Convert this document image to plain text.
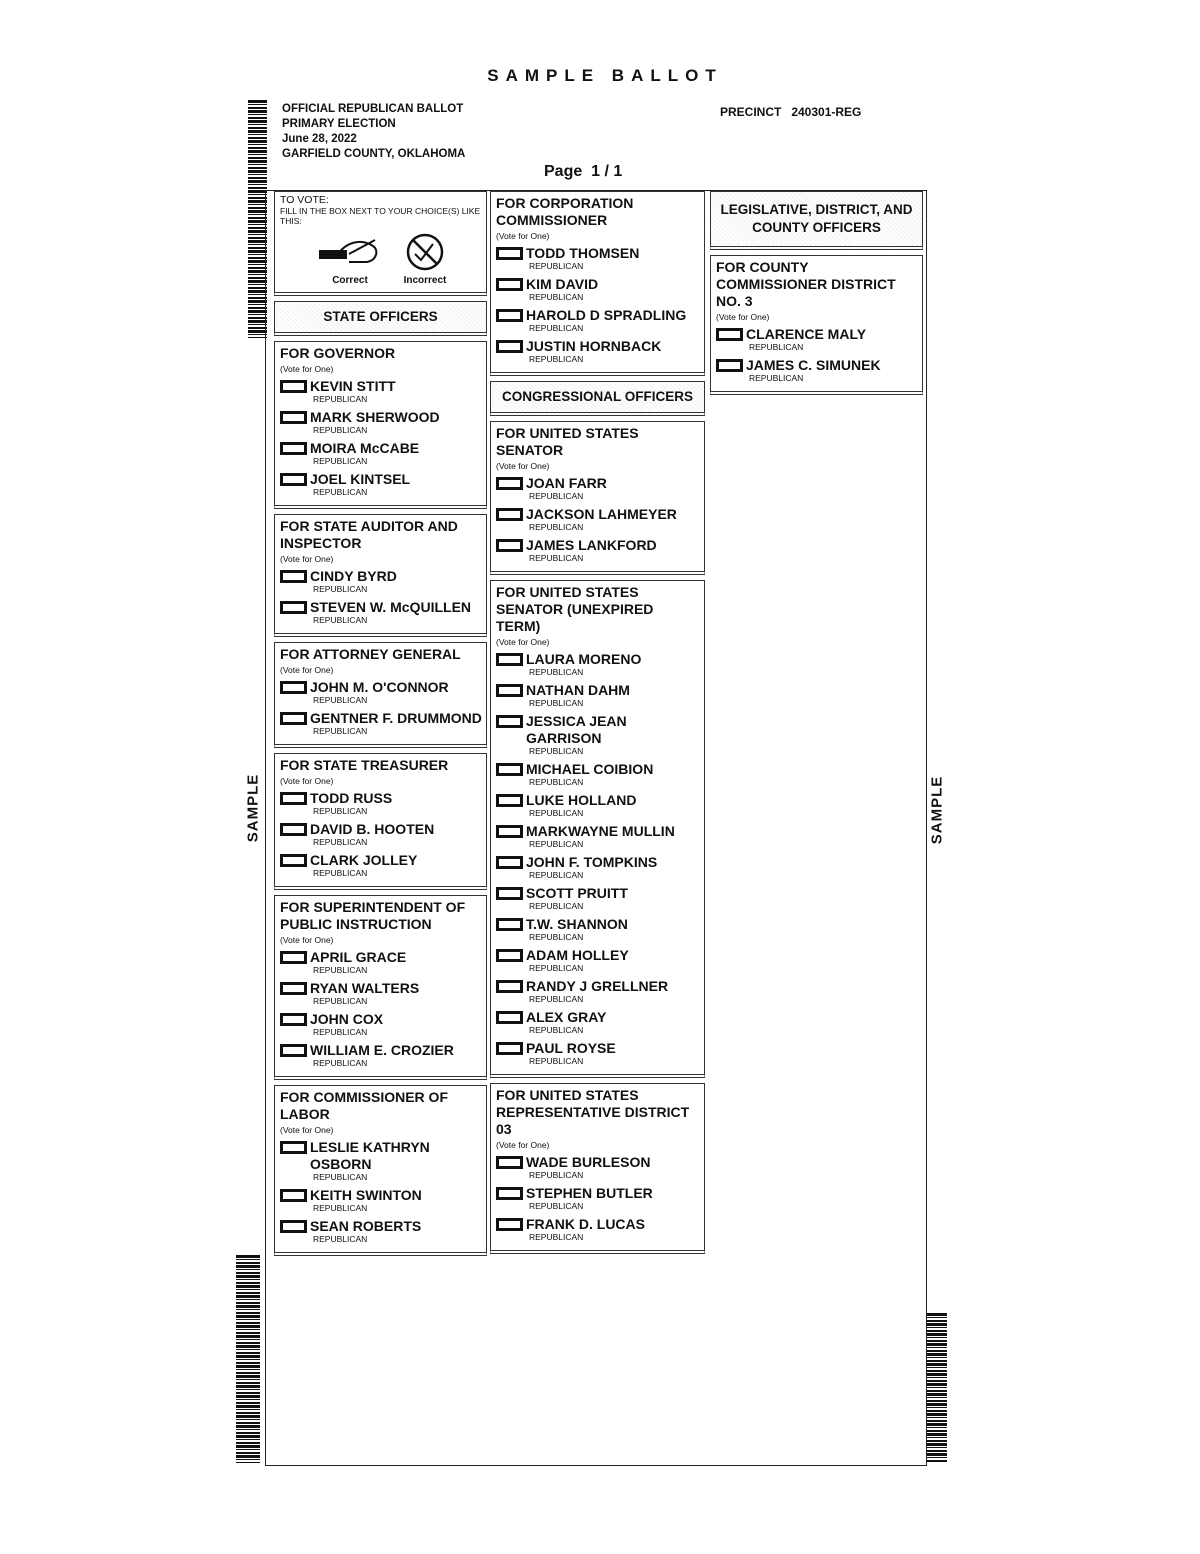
SAMPLE BALLOT
OFFICIAL REPUBLICAN BALLOT
PRIMARY ELECTION
June 28, 2022
GARFIELD COUNTY, OKLAHOMA
PRECINCT   240301-REG
Page  1 / 1
SAMPLE	SAMPLE
TO VOTE:
FILL IN THE BOX NEXT TO YOUR CHOICE(S) LIKE THIS:
Correct	Incorrect
STATE OFFICERS
FOR GOVERNOR
(Vote for One)
KEVIN STITT
REPUBLICAN
MARK SHERWOOD
REPUBLICAN
MOIRA McCABE
REPUBLICAN
JOEL KINTSEL
REPUBLICAN
FOR STATE AUDITOR AND INSPECTOR
(Vote for One)
CINDY BYRD
REPUBLICAN
STEVEN W. McQUILLEN
REPUBLICAN
FOR ATTORNEY GENERAL
(Vote for One)
JOHN M. O'CONNOR
REPUBLICAN
GENTNER F. DRUMMOND
REPUBLICAN
FOR STATE TREASURER
(Vote for One)
TODD RUSS
REPUBLICAN
DAVID B. HOOTEN
REPUBLICAN
CLARK JOLLEY
REPUBLICAN
FOR SUPERINTENDENT OF PUBLIC INSTRUCTION
(Vote for One)
APRIL GRACE
REPUBLICAN
RYAN WALTERS
REPUBLICAN
JOHN COX
REPUBLICAN
WILLIAM E. CROZIER
REPUBLICAN
FOR COMMISSIONER OF LABOR
(Vote for One)
LESLIE KATHRYN OSBORN
REPUBLICAN
KEITH SWINTON
REPUBLICAN
SEAN ROBERTS
REPUBLICAN
FOR CORPORATION COMMISSIONER
(Vote for One)
TODD THOMSEN
REPUBLICAN
KIM DAVID
REPUBLICAN
HAROLD D SPRADLING
REPUBLICAN
JUSTIN HORNBACK
REPUBLICAN
CONGRESSIONAL OFFICERS
FOR UNITED STATES SENATOR
(Vote for One)
JOAN FARR
REPUBLICAN
JACKSON LAHMEYER
REPUBLICAN
JAMES LANKFORD
REPUBLICAN
FOR UNITED STATES SENATOR (UNEXPIRED TERM)
(Vote for One)
LAURA MORENO
REPUBLICAN
NATHAN DAHM
REPUBLICAN
JESSICA JEAN GARRISON
REPUBLICAN
MICHAEL COIBION
REPUBLICAN
LUKE HOLLAND
REPUBLICAN
MARKWAYNE MULLIN
REPUBLICAN
JOHN F. TOMPKINS
REPUBLICAN
SCOTT PRUITT
REPUBLICAN
T.W. SHANNON
REPUBLICAN
ADAM HOLLEY
REPUBLICAN
RANDY J GRELLNER
REPUBLICAN
ALEX GRAY
REPUBLICAN
PAUL ROYSE
REPUBLICAN
FOR UNITED STATES REPRESENTATIVE DISTRICT 03
(Vote for One)
WADE BURLESON
REPUBLICAN
STEPHEN BUTLER
REPUBLICAN
FRANK D. LUCAS
REPUBLICAN
LEGISLATIVE, DISTRICT, AND COUNTY OFFICERS
FOR COUNTY COMMISSIONER DISTRICT NO. 3
(Vote for One)
CLARENCE MALY
REPUBLICAN
JAMES C. SIMUNEK
REPUBLICAN
